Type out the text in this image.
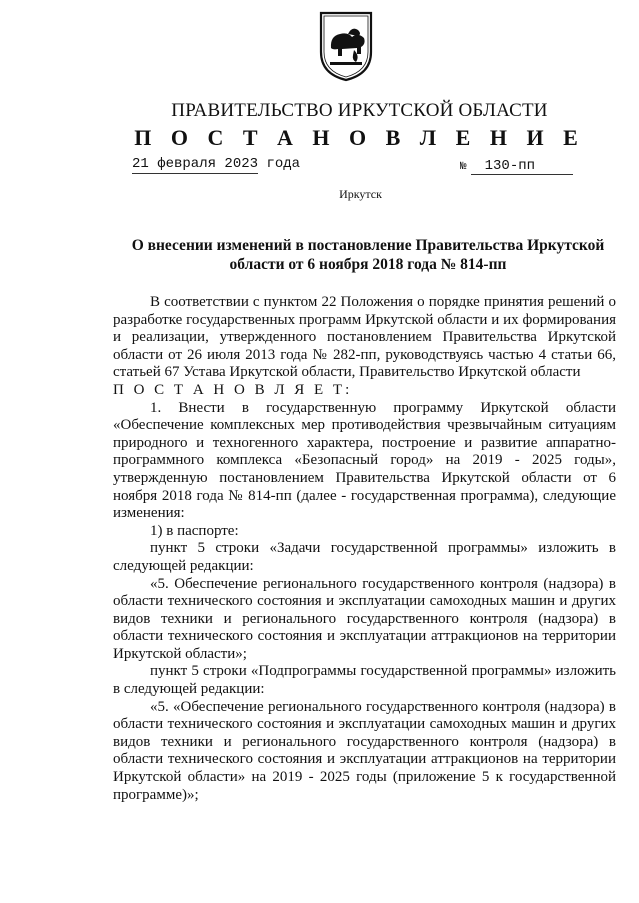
ПРАВИТЕЛЬСТВО ИРКУТСКОЙ ОБЛАСТИ
П О С Т А Н О В Л Е Н И Е
21 февраля 2023 года	№ 130-пп
Иркутск
О внесении изменений в постановление Правительства Иркутской
области от 6 ноября 2018 года № 814-пп

В соответствии с пунктом 22 Положения о порядке принятия решений о разработке государственных программ Иркутской области и их формирования и реализации, утвержденного постановлением Правительства Иркутской области от 26 июля 2013 года № 282-пп, руководствуясь частью 4 статьи 66, статьей 67 Устава Иркутской области, Правительство Иркутской области

П О С Т А Н О В Л Я Е Т:

1. Внести в государственную программу Иркутской области «Обеспечение комплексных мер противодействия чрезвычайным ситуациям природного и техногенного характера, построение и развитие аппаратно-программного комплекса «Безопасный город» на 2019 - 2025 годы», утвержденную постановлением Правительства Иркутской области от 6 ноября 2018 года № 814-пп (далее - государственная программа), следующие изменения:

1) в паспорте:

пункт 5 строки «Задачи государственной программы» изложить в следующей редакции:

«5. Обеспечение регионального государственного контроля (надзора) в области технического состояния и эксплуатации самоходных машин и других видов техники и регионального государственного контроля (надзора) в области технического состояния и эксплуатации аттракционов на территории Иркутской области»;

пункт 5 строки «Подпрограммы государственной программы» изложить в следующей редакции:

«5. «Обеспечение регионального государственного контроля (надзора) в области технического состояния и эксплуатации самоходных машин и других видов техники и регионального государственного контроля (надзора) в области технического состояния и эксплуатации аттракционов на территории Иркутской области» на 2019 - 2025 годы (приложение 5 к государственной программе)»;
